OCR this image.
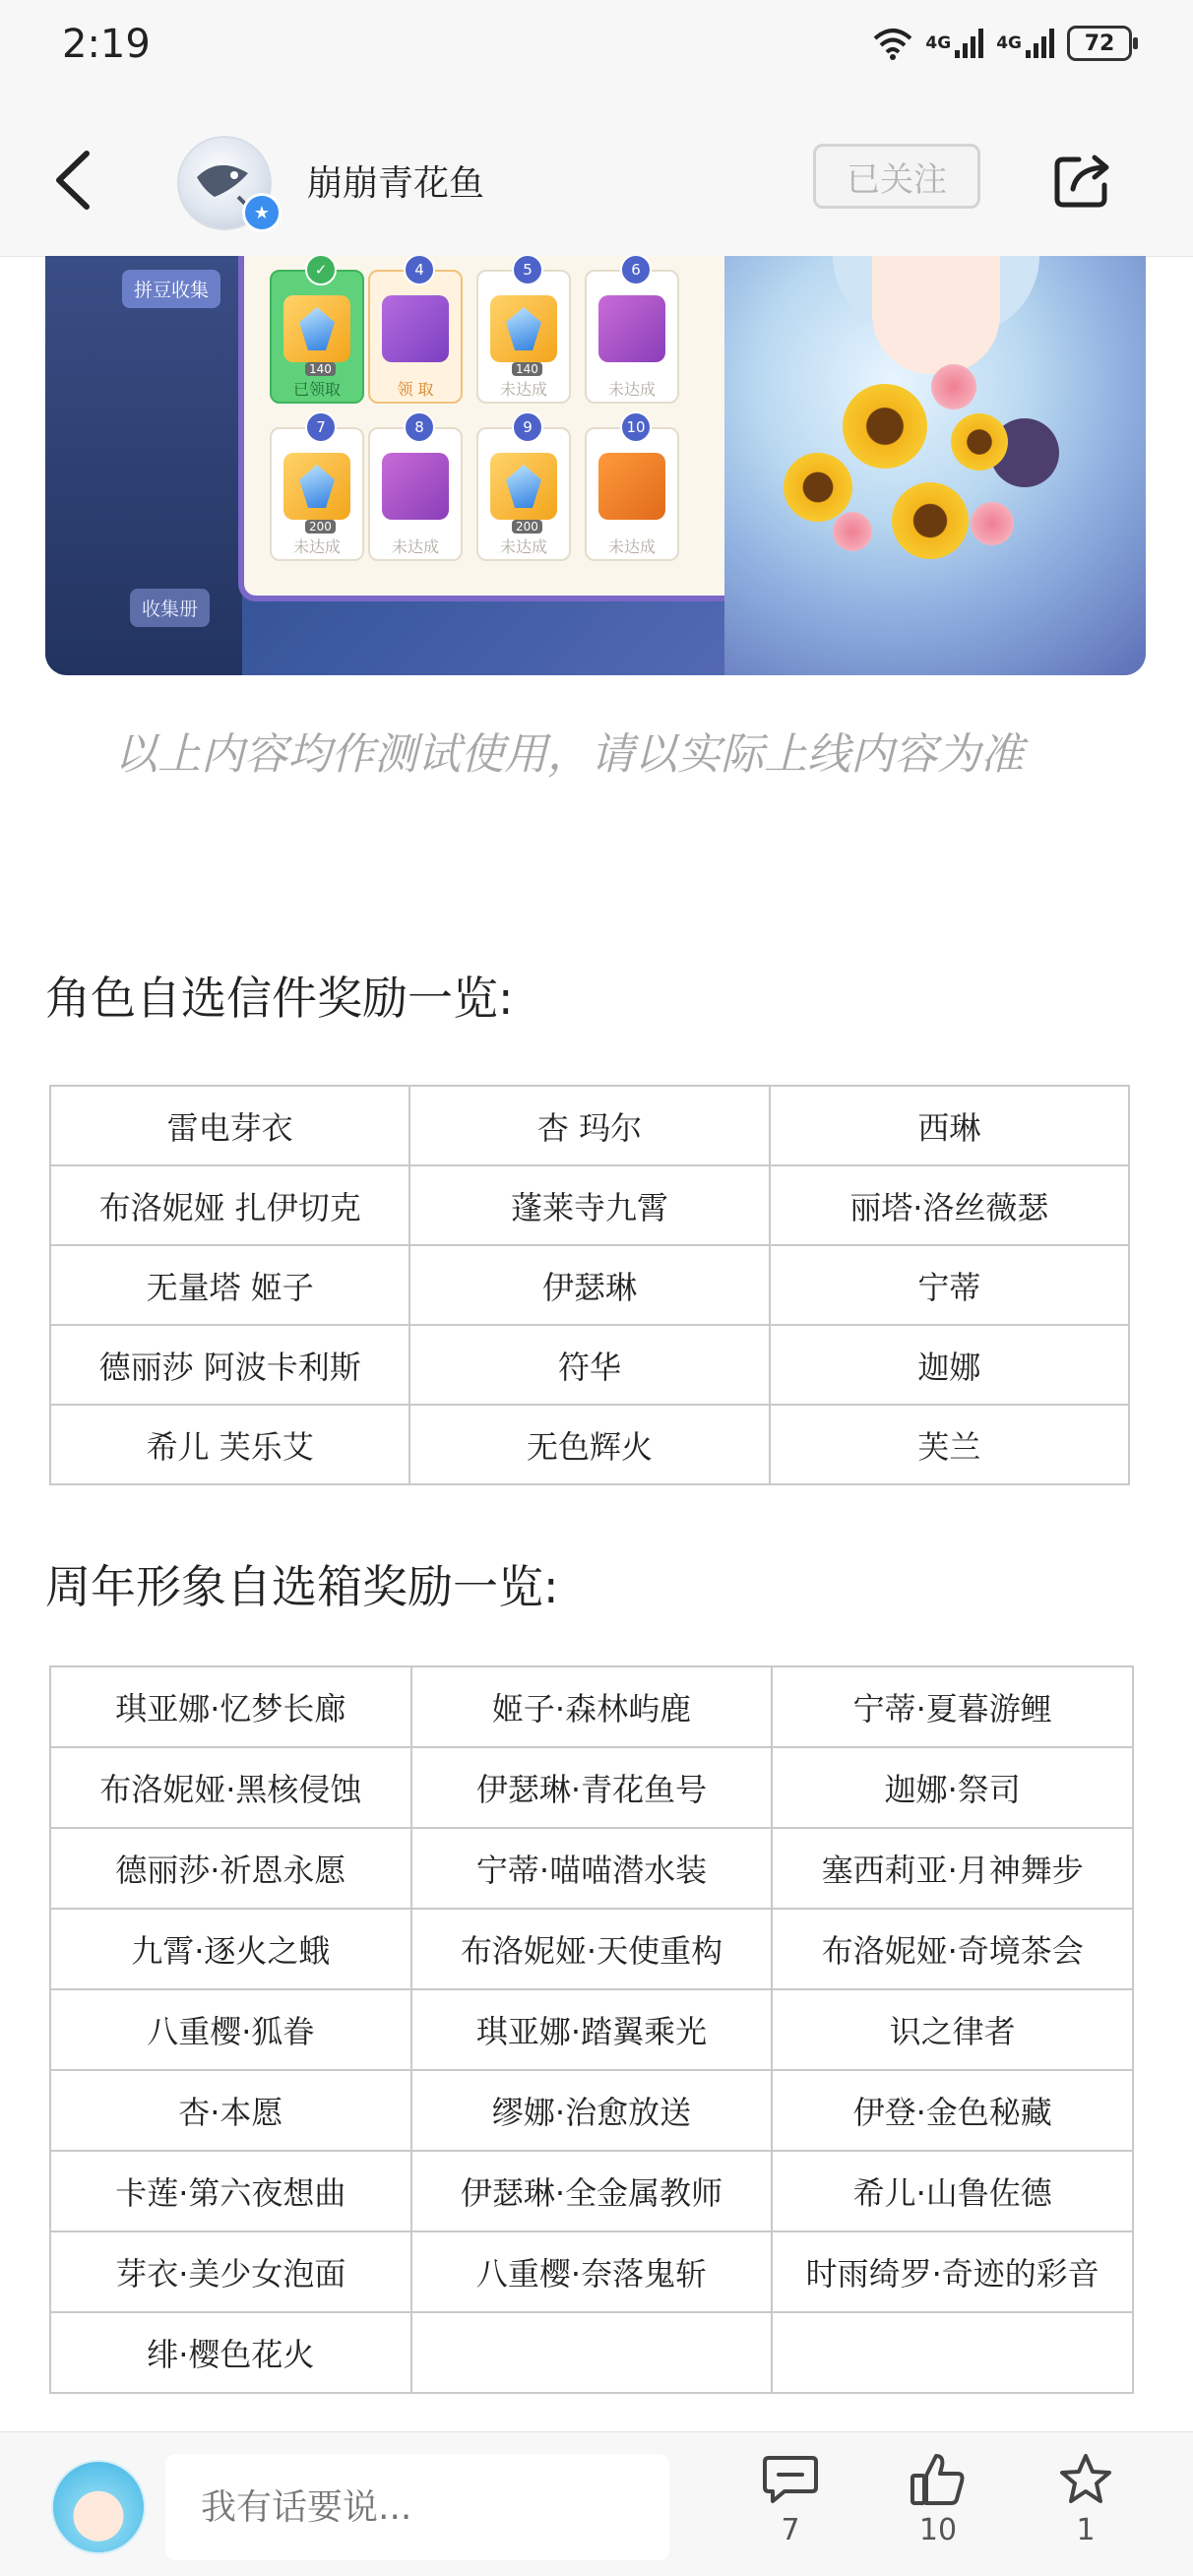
2:19	4G	4G	72
★
崩崩青花鱼	已关注
拼豆收集
收集册
✓
140
已领取
4
领 取
5
140
未达成
6
未达成
7
200
未达成
8
未达成
9
200
未达成
10
未达成
以上内容均作测试使用，请以实际上线内容为准
角色自选信件奖励一览:
雷电芽衣	杏 玛尔	西琳
布洛妮娅 扎伊切克	蓬莱寺九霄	丽塔·洛丝薇瑟
无量塔 姬子	伊瑟琳	宁蒂
德丽莎 阿波卡利斯	符华	迦娜
希儿 芙乐艾	无色辉火	芙兰
周年形象自选箱奖励一览:
琪亚娜·忆梦长廊	姬子·森林屿鹿	宁蒂·夏暮游鲤
布洛妮娅·黑核侵蚀	伊瑟琳·青花鱼号	迦娜·祭司
德丽莎·祈恩永愿	宁蒂·喵喵潜水装	塞西莉亚·月神舞步
九霄·逐火之蛾	布洛妮娅·天使重构	布洛妮娅·奇境茶会
八重樱·狐眷	琪亚娜·踏翼乘光	识之律者
杏·本愿	缪娜·治愈放送	伊登·金色秘藏
卡莲·第六夜想曲	伊瑟琳·全金属教师	希儿·山鲁佐德
芽衣·美少女泡面	八重樱·奈落鬼斩	时雨绮罗·奇迹的彩音
绯·樱色花火		
我有话要说...
7	10	1
